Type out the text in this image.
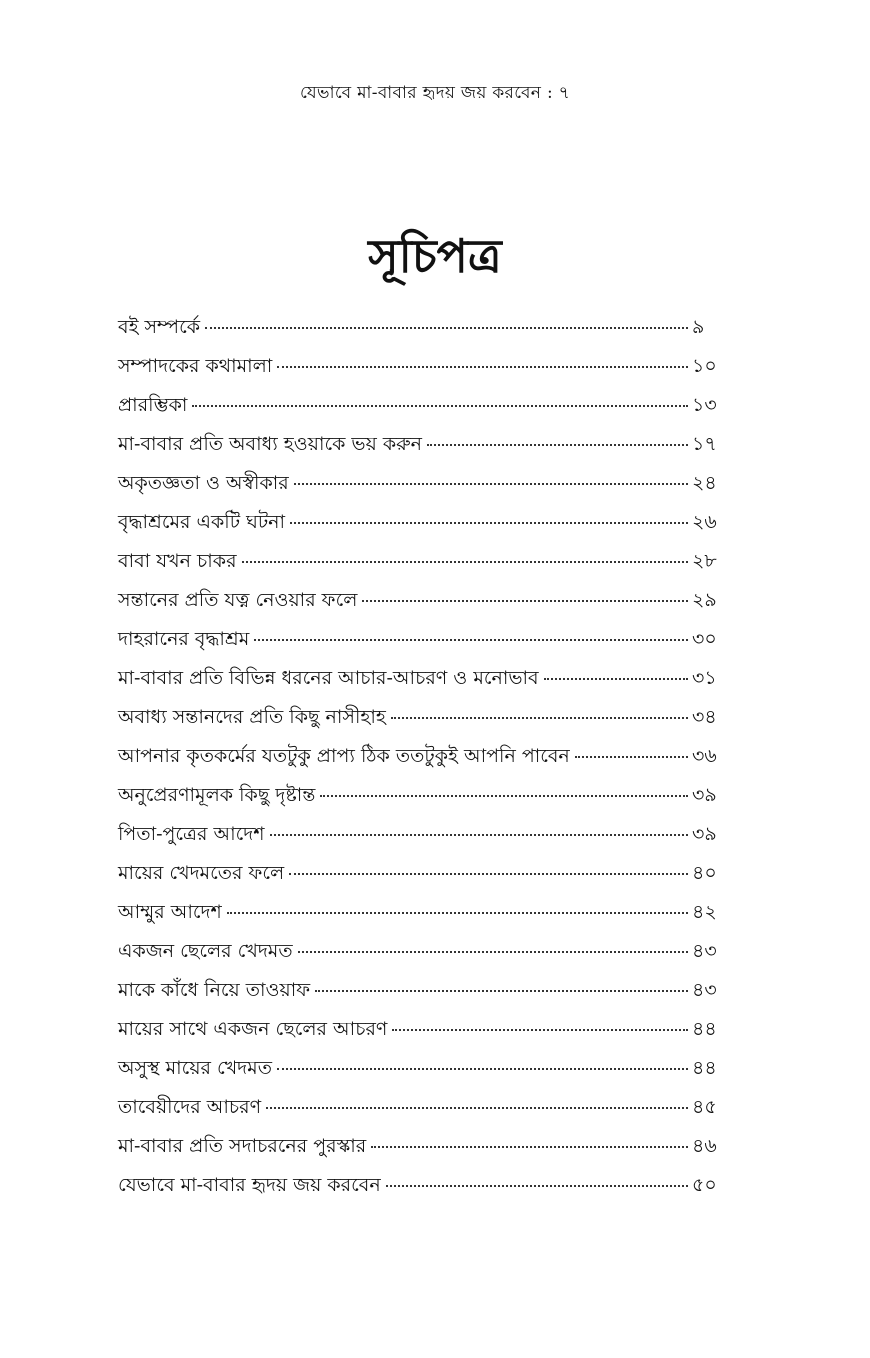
যেভাবে মা-বাবার হৃদয় জয় করবেন : ৭
সূচিপত্র
বই সম্পর্কে	৯
সম্পাদকের কথামালা	১০
প্রারম্ভিকা	১৩
মা-বাবার প্রতি অবাধ্য হওয়াকে ভয় করুন	১৭
অকৃতজ্ঞতা ও অস্বীকার	২৪
বৃদ্ধাশ্রমের একটি ঘটনা	২৬
বাবা যখন চাকর	২৮
সন্তানের প্রতি যত্ন নেওয়ার ফলে	২৯
দাহরানের বৃদ্ধাশ্রম	৩০
মা-বাবার প্রতি বিভিন্ন ধরনের আচার-আচরণ ও মনোভাব	৩১
অবাধ্য সন্তানদের প্রতি কিছু নাসীহাহ	৩৪
আপনার কৃতকর্মের যতটুকু প্রাপ্য ঠিক ততটুকুই আপনি পাবেন	৩৬
অনুপ্রেরণামূলক কিছু দৃষ্টান্ত	৩৯
পিতা-পুত্রের আদেশ	৩৯
মায়ের খেদমতের ফলে	৪০
আম্মুর আদেশ	৪২
একজন ছেলের খেদমত	৪৩
মাকে কাঁধে নিয়ে তাওয়াফ	৪৩
মায়ের সাথে একজন ছেলের আচরণ	৪৪
অসুস্থ মায়ের খেদমত	৪৪
তাবেয়ীদের আচরণ	৪৫
মা-বাবার প্রতি সদাচরনের পুরস্কার	৪৬
যেভাবে মা-বাবার হৃদয় জয় করবেন	৫০
